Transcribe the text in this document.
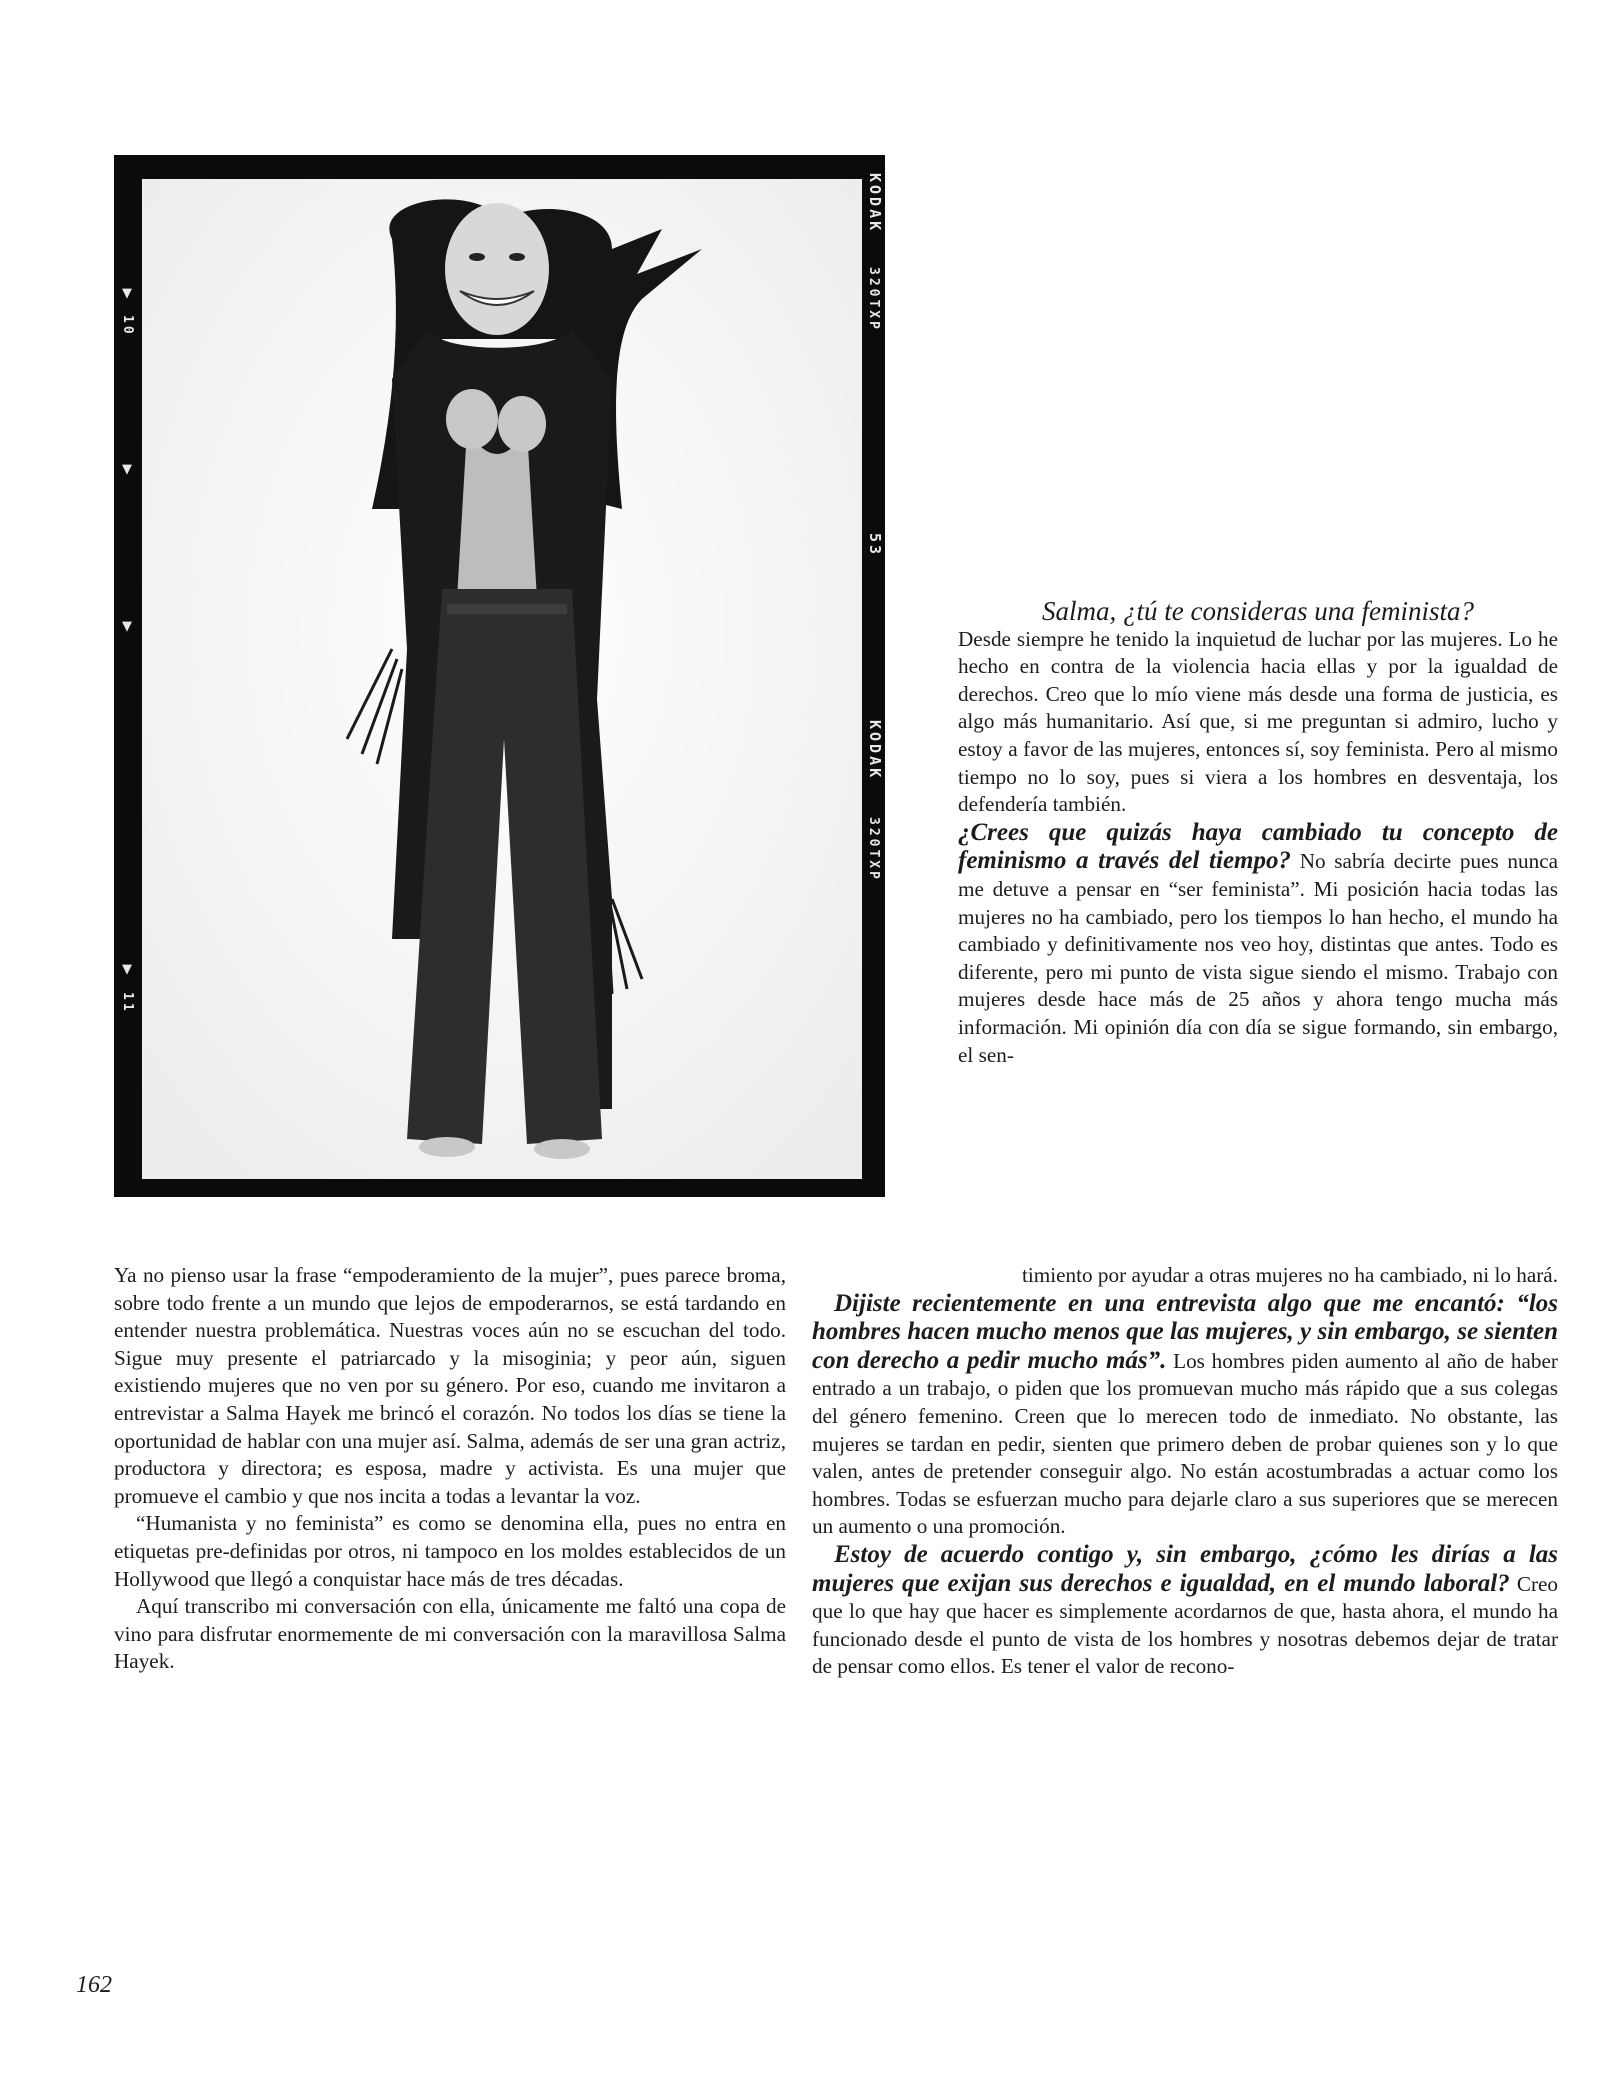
KODAK
320TXP
53
KODAK
320TXP
▼
10
▼
▼
▼
11
Salma, ¿tú te consideras una feminista?

Desde siempre he tenido la inquietud de luchar por las mujeres. Lo he hecho en contra de la violencia hacia ellas y por la igualdad de derechos. Creo que lo mío viene más desde una forma de justicia, es algo más humanitario. Así que, si me preguntan si admiro, lucho y estoy a favor de las mujeres, entonces sí, soy feminista. Pero al mismo tiempo no lo soy, pues si viera a los hombres en desventaja, los defendería también.

¿Crees que quizás haya cambiado tu concepto de feminismo a través del tiempo? No sabría decirte pues nunca me detuve a pensar en “ser feminista”. Mi posición hacia todas las mujeres no ha cambiado, pero los tiempos lo han hecho, el mundo ha cambiado y definitivamente nos veo hoy, distintas que antes. Todo es diferente, pero mi punto de vista sigue siendo el mismo. Trabajo con mujeres desde hace más de 25 años y ahora tengo mucha más información. Mi opinión día con día se sigue formando, sin embargo, el sen-

Ya no pienso usar la frase “empoderamiento de la mujer”, pues parece broma, sobre todo frente a un mundo que lejos de empoderarnos, se está tardando en entender nuestra problemática. Nuestras voces aún no se escuchan del todo. Sigue muy presente el patriarcado y la misoginia; y peor aún, siguen existiendo mujeres que no ven por su género. Por eso, cuando me invitaron a entrevistar a Salma Hayek me brincó el corazón. No todos los días se tiene la oportunidad de hablar con una mujer así. Salma, además de ser una gran actriz, productora y directora; es esposa, madre y activista. Es una mujer que promueve el cambio y que nos incita a todas a levantar la voz.

“Humanista y no feminista” es como se denomina ella, pues no entra en etiquetas pre-definidas por otros, ni tampoco en los moldes establecidos de un Hollywood que llegó a conquistar hace más de tres décadas.

Aquí transcribo mi conversación con ella, únicamente me faltó una copa de vino para disfrutar enormemente de mi conversación con la maravillosa Salma Hayek.

timiento por ayudar a otras mujeres no ha cambiado, ni lo hará.

Dijiste recientemente en una entrevista algo que me encantó: “los hombres hacen mucho menos que las mujeres, y sin embargo, se sienten con derecho a pedir mucho más”. Los hombres piden aumento al año de haber entrado a un trabajo, o piden que los promuevan mucho más rápido que a sus colegas del género femenino. Creen que lo merecen todo de inmediato. No obstante, las mujeres se tardan en pedir, sienten que primero deben de probar quienes son y lo que valen, antes de pretender conseguir algo. No están acostumbradas a actuar como los hombres. Todas se esfuerzan mucho para dejarle claro a sus superiores que se merecen un aumento o una promoción.

Estoy de acuerdo contigo y, sin embargo, ¿cómo les dirías a las mujeres que exijan sus derechos e igualdad, en el mundo laboral? Creo que lo que hay que hacer es simplemente acordarnos de que, hasta ahora, el mundo ha funcionado desde el punto de vista de los hombres y nosotras debemos dejar de tratar de pensar como ellos. Es tener el valor de recono-

162
